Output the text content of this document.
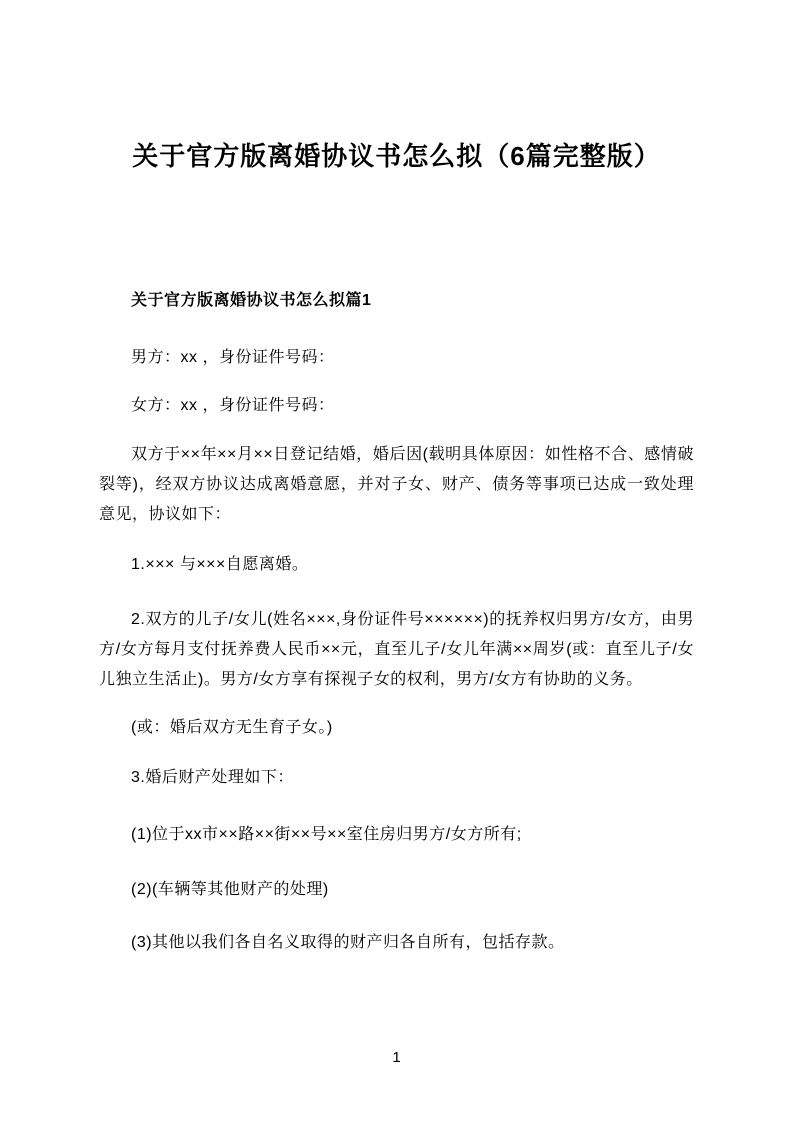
关于官方版离婚协议书怎么拟（6篇完整版）
关于官方版离婚协议书怎么拟篇1

男方：xx ，身份证件号码：

女方：xx ，身份证件号码：

双方于××年××月××日登记结婚，婚后因(载明具体原因：如性格不合、感情破裂等)，经双方协议达成离婚意愿，并对子女、财产、债务等事项已达成一致处理意见，协议如下：

1.××× 与×××自愿离婚。

2.双方的儿子/女儿(姓名×××,身份证件号××××××)的抚养权归男方/女方，由男方/女方每月支付抚养费人民币××元，直至儿子/女儿年满××周岁(或：直至儿子/女儿独立生活止)。男方/女方享有探视子女的权利，男方/女方有协助的义务。

(或：婚后双方无生育子女。)

3.婚后财产处理如下：

(1)位于xx市××路××街××号××室住房归男方/女方所有;

(2)(车辆等其他财产的处理)

(3)其他以我们各自名义取得的财产归各自所有，包括存款。

1
